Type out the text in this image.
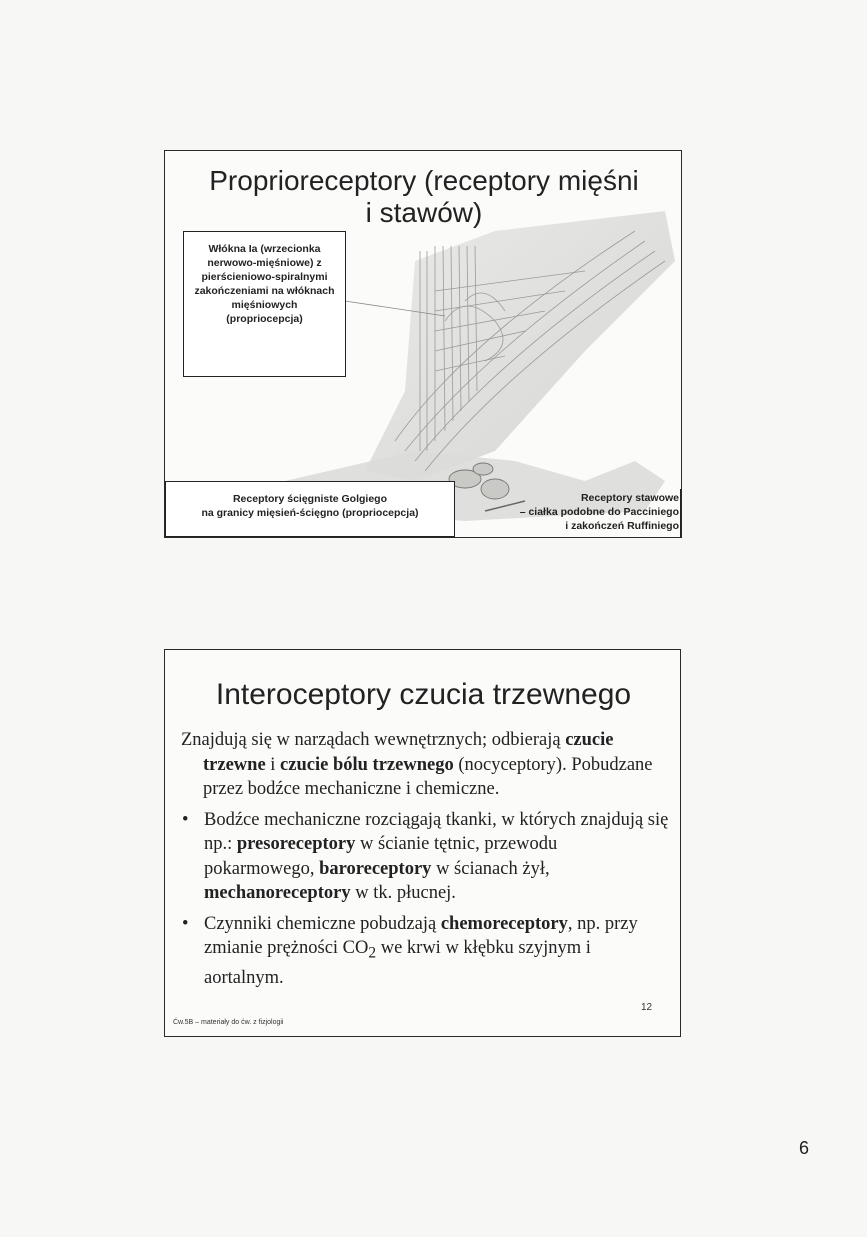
Proprioreceptory (receptory mięśni
i stawów)
Włókna Ia (wrzecionka nerwowo-mięśniowe) z pierścieniowo-spiralnymi zakończeniami na włóknach mięśniowych (propriocepcja)
Receptory ścięgniste Golgiego
na granicy mięsień-ścięgno (propriocepcja)
Receptory stawowe
– ciałka podobne do Pacciniego
i zakończeń Ruffiniego
Interoceptory czucia trzewnego

Znajdują się w narządach wewnętrznych; odbierają czucie trzewne i czucie bólu trzewnego (nocyceptory). Pobudzane przez bodźce mechaniczne i chemiczne.

• Bodźce mechaniczne rozciągają tkanki, w których znajdują się np.: presoreceptory w ścianie tętnic, przewodu pokarmowego, baroreceptory w ścianach żył, mechanoreceptory w tk. płucnej.
• Czynniki chemiczne pobudzają chemoreceptory, np. przy zmianie prężności $CO_2$ we krwi w kłębku szyjnym i aortalnym.
12
Ćw.5B – materiały do ćw. z fizjologii
6
